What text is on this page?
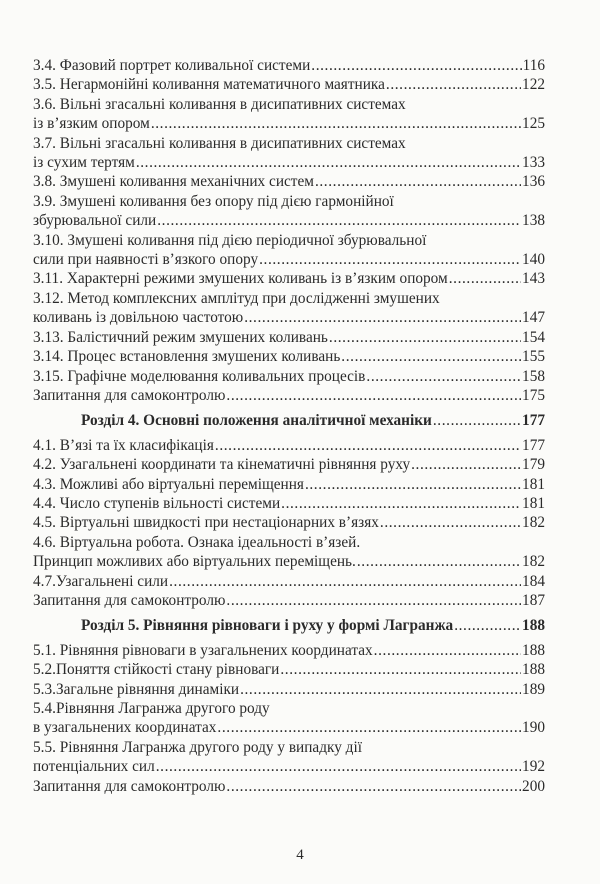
3.4. Фазовий портрет коливальної системи .....	116
3.5. Негармонійні коливання математичного маятника .....	122
3.6. Вільні згасальні коливання в дисипативних системах
із в’язким опором .....	125
3.7. Вільні згасальні коливання в дисипативних системах
із сухим тертям .....	133
3.8. Змушені коливання механічних систем .....	136
3.9. Змушені коливання без опору під дією гармонійної
збурювальної сили .....	138
3.10. Змушені коливання під дією періодичної збурювальної
сили при наявності в’язкого опору .....	140
3.11. Характерні режими змушених коливань із в’язким опором .....	143
3.12. Метод комплексних амплітуд при дослідженні змушених
коливань із довільною частотою .....	147
3.13. Балістичний режим змушених коливань .....	154
3.14. Процес встановлення змушених коливань .....	155
3.15. Графічне моделювання коливальних процесів .....	158
Запитання для самоконтролю .....	175
Розділ 4. Основні положення аналітичної механіки .....	177
4.1. В’язі та їх класифікація .....	177
4.2. Узагальнені координати та кінематичні рівняння руху .....	179
4.3. Можливі або віртуальні переміщення .....	181
4.4. Число ступенів вільності системи .....	181
4.5. Віртуальні швидкості при нестаціонарних в’язях .....	182
4.6. Віртуальна робота. Ознака ідеальності в’язей.
Принцип можливих або віртуальних переміщень. .....	182
4.7.Узагальнені сили .....	184
Запитання для самоконтролю .....	187
Розділ 5. Рівняння рівноваги і руху у формі Лагранжа .....	188
5.1. Рівняння рівноваги в узагальнених координатах .....	188
5.2.Поняття стійкості стану рівноваги .....	188
5.3.Загальне рівняння динаміки .....	189
5.4.Рівняння Лагранжа другого роду
в узагальнених координатах .....	190
5.5. Рівняння Лагранжа другого роду у випадку дії
потенціальних сил .....	192
Запитання для самоконтролю .....	200
4
